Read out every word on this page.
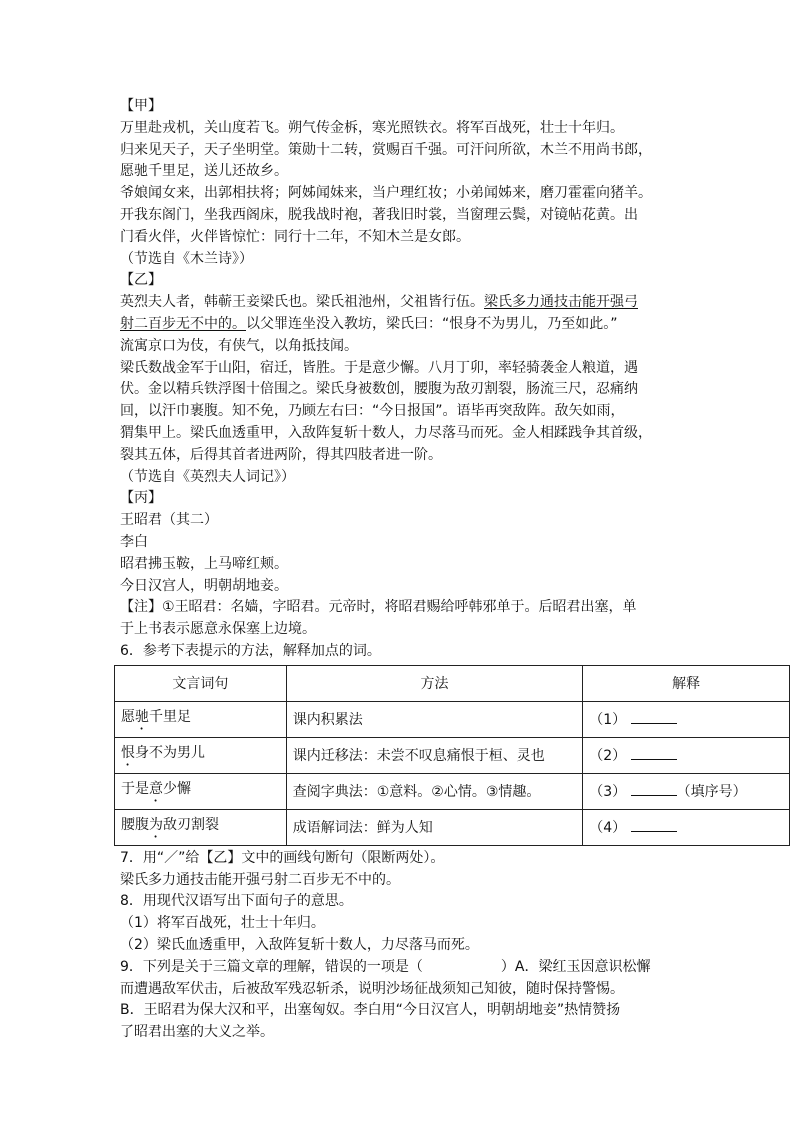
【甲】
万里赴戎机，关山度若飞。朔气传金柝，寒光照铁衣。将军百战死，壮士十年归。
归来见天子，天子坐明堂。策勋十二转，赏赐百千强。可汗问所欲，木兰不用尚书郎，
愿驰千里足，送儿还故乡。
爷娘闻女来，出郭相扶将；阿姊闻妹来，当户理红妆；小弟闻姊来，磨刀霍霍向猪羊。
开我东阁门，坐我西阁床，脱我战时袍，著我旧时裳，当窗理云鬓，对镜帖花黄。出
门看火伴，火伴皆惊忙：同行十二年，不知木兰是女郎。
（节选自《木兰诗》）
【乙】
英烈夫人者，韩蕲王妾梁氏也。梁氏祖池州，父祖皆行伍。梁氏多力通技击能开强弓
射二百步无不中的。以父罪连坐没入教坊，梁氏曰：“恨身不为男儿，乃至如此。”
流寓京口为伎，有侠气，以角抵技闻。
梁氏数战金军于山阳，宿迁，皆胜。于是意少懈。八月丁卯，率轻骑袭金人粮道，遇
伏。金以精兵铁浮图十倍围之。梁氏身被数创，腰腹为敌刃割裂，肠流三尺，忍痛纳
回，以汗巾裹腹。知不免，乃顾左右曰：“今日报国”。语毕再突敌阵。敌矢如雨，
猬集甲上。梁氏血透重甲，入敌阵复斩十数人，力尽落马而死。金人相蹂践争其首级，
裂其五体，后得其首者进两阶，得其四肢者进一阶。
（节选自《英烈夫人词记》）
【丙】
王昭君（其二）
李白
昭君拂玉鞍，上马啼红颊。
今日汉宫人，明朝胡地妾。
【注】①王昭君：名嫱，字昭君。元帝时，将昭君赐给呼韩邪单于。后昭君出塞，单
于上书表示愿意永保塞上边境。
6．参考下表提示的方法，解释加点的词。
文言词句	方法	解释
愿驰千里足	课内积累法	（1）
恨身不为男儿	课内迁移法：未尝不叹息痛恨于桓、灵也	（2）
于是意少懈	查阅字典法：①意料。②心情。③情趣。	（3） （填序号）
腰腹为敌刃割裂	成语解词法：鲜为人知	（4）
7．用“／”给【乙】文中的画线句断句（限断两处）。
梁氏多力通技击能开强弓射二百步无不中的。
8．用现代汉语写出下面句子的意思。
（1）将军百战死，壮士十年归。
（2）梁氏血透重甲，入敌阵复斩十数人，力尽落马而死。
9．下列是关于三篇文章的理解，错误的一项是（	）A．梁红玉因意识松懈
而遭遇敌军伏击，后被敌军残忍斩杀，说明沙场征战须知己知彼，随时保持警惕。
B．王昭君为保大汉和平，出塞匈奴。李白用“今日汉宫人，明朝胡地妾”热情赞扬
了昭君出塞的大义之举。
